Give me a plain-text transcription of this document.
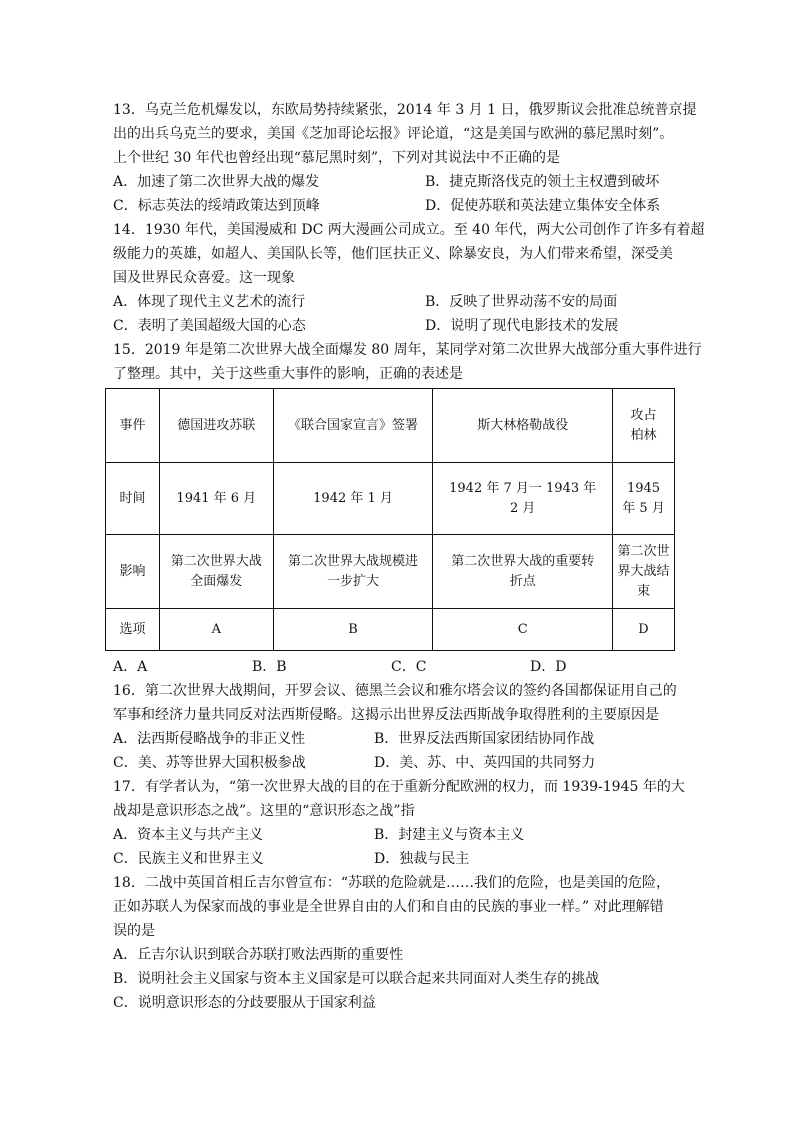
13．乌克兰危机爆发以，东欧局势持续紧张，2014 年 3 月 1 日，俄罗斯议会批准总统普京提
出的出兵乌克兰的要求，美国《芝加哥论坛报》评论道，“这是美国与欧洲的慕尼黑时刻”。
上个世纪 30 年代也曾经出现“慕尼黑时刻”，下列对其说法中不正确的是
A．加速了第二次世界大战的爆发	B．捷克斯洛伐克的领土主权遭到破坏
C．标志英法的绥靖政策达到顶峰	D．促使苏联和英法建立集体安全体系
14．1930 年代，美国漫威和 DC 两大漫画公司成立。至 40 年代，两大公司创作了许多有着超
级能力的英雄，如超人、美国队长等，他们匡扶正义、除暴安良，为人们带来希望，深受美
国及世界民众喜爱。这一现象
A．体现了现代主义艺术的流行	B．反映了世界动荡不安的局面
C．表明了美国超级大国的心态	D．说明了现代电影技术的发展
15．2019 年是第二次世界大战全面爆发 80 周年，某同学对第二次世界大战部分重大事件进行
了整理。其中，关于这些重大事件的影响，正确的表述是
事件	德国进攻苏联	《联合国家宣言》签署	斯大林格勒战役	攻占柏林
时间	1941 年 6 月	1942 年 1 月	1942 年 7 月一 1943 年 2 月	1945 年 5 月
影响	第二次世界大战全面爆发	第二次世界大战规模进一步扩大	第二次世界大战的重要转折点	第二次世界大战结束
选项	A	B	C	D
A．A	B．B	C．C	D．D
16．第二次世界大战期间，开罗会议、德黑兰会议和雅尔塔会议的签约各国都保证用自己的
军事和经济力量共同反对法西斯侵略。这揭示出世界反法西斯战争取得胜利的主要原因是
A．法西斯侵略战争的非正义性	B．世界反法西斯国家团结协同作战
C．美、苏等世界大国积极参战	D．美、苏、中、英四国的共同努力
17．有学者认为，“第一次世界大战的目的在于重新分配欧洲的权力，而 1939-1945 年的大
战却是意识形态之战”。这里的“意识形态之战”指
A．资本主义与共产主义	B．封建主义与资本主义
C．民族主义和世界主义	D．独裁与民主
18．二战中英国首相丘吉尔曾宣布：“苏联的危险就是……我们的危险，也是美国的危险，
正如苏联人为保家而战的事业是全世界自由的人们和自由的民族的事业一样。” 对此理解错
误的是
A．丘吉尔认识到联合苏联打败法西斯的重要性
B．说明社会主义国家与资本主义国家是可以联合起来共同面对人类生存的挑战
C．说明意识形态的分歧要服从于国家利益
